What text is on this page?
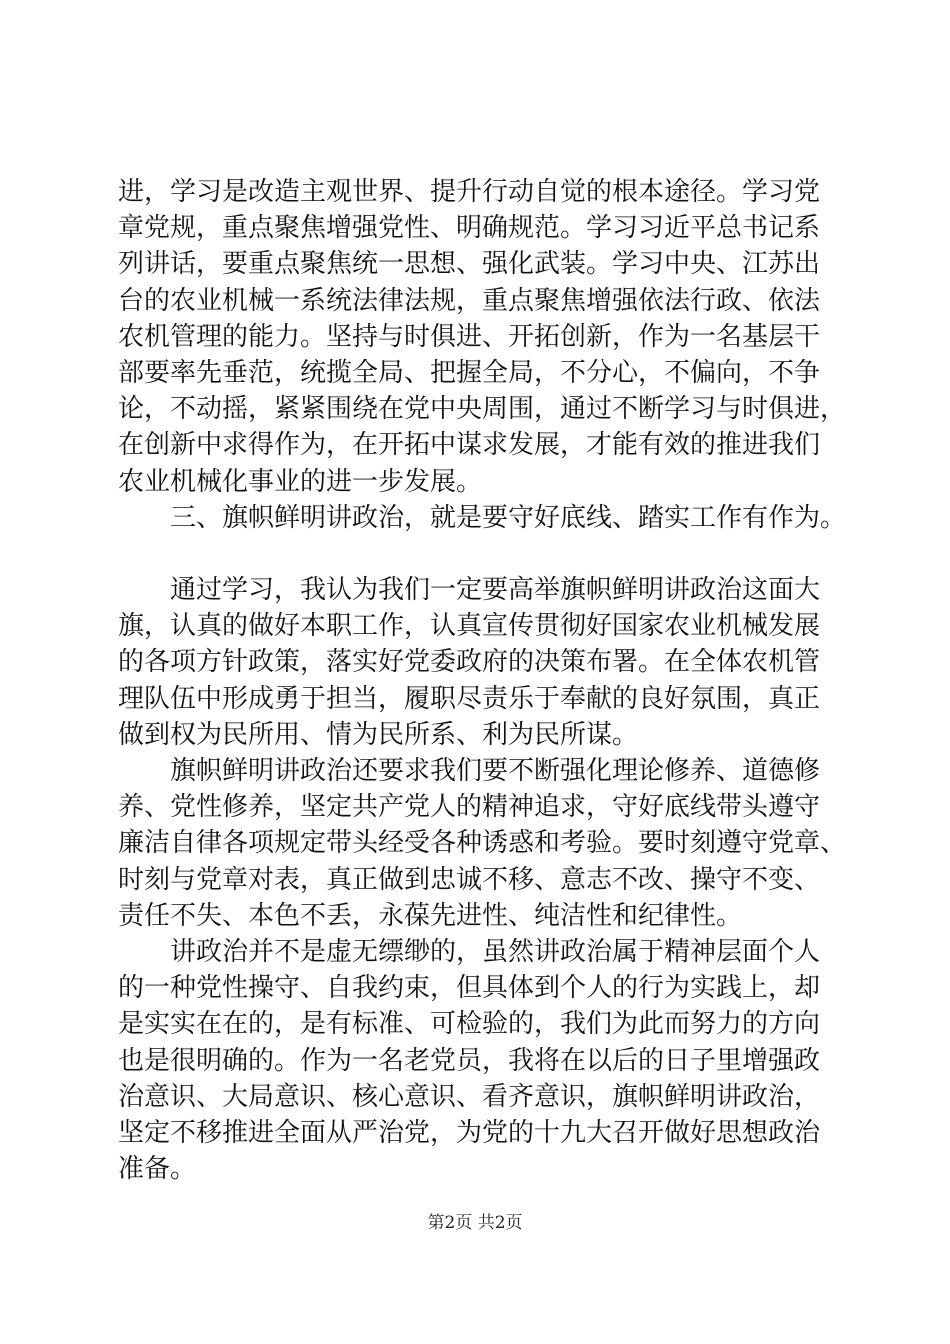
进，学习是改造主观世界、提升行动自觉的根本途径。学习党
章党规，重点聚焦增强党性、明确规范。学习习近平总书记系
列讲话，要重点聚焦统一思想、强化武装。学习中央、江苏出
台的农业机械一系统法律法规，重点聚焦增强依法行政、依法
农机管理的能力。坚持与时俱进、开拓创新，作为一名基层干
部要率先垂范，统揽全局、把握全局，不分心，不偏向，不争
论，不动摇，紧紧围绕在党中央周围，通过不断学习与时俱进，
在创新中求得作为，在开拓中谋求发展，才能有效的推进我们
农业机械化事业的进一步发展。
　　三、旗帜鲜明讲政治，就是要守好底线、踏实工作有作为。
　　通过学习，我认为我们一定要高举旗帜鲜明讲政治这面大
旗，认真的做好本职工作，认真宣传贯彻好国家农业机械发展
的各项方针政策，落实好党委政府的决策布署。在全体农机管
理队伍中形成勇于担当，履职尽责乐于奉献的良好氛围，真正
做到权为民所用、情为民所系、利为民所谋。
　　旗帜鲜明讲政治还要求我们要不断强化理论修养、道德修
养、党性修养，坚定共产党人的精神追求，守好底线带头遵守
廉洁自律各项规定带头经受各种诱惑和考验。要时刻遵守党章、
时刻与党章对表，真正做到忠诚不移、意志不改、操守不变、
责任不失、本色不丢，永葆先进性、纯洁性和纪律性。
　　讲政治并不是虚无缥缈的，虽然讲政治属于精神层面个人
的一种党性操守、自我约束，但具体到个人的行为实践上，却
是实实在在的，是有标准、可检验的，我们为此而努力的方向
也是很明确的。作为一名老党员，我将在以后的日子里增强政
治意识、大局意识、核心意识、看齐意识，旗帜鲜明讲政治，
坚定不移推进全面从严治党，为党的十九大召开做好思想政治
准备。
第2页 共2页
